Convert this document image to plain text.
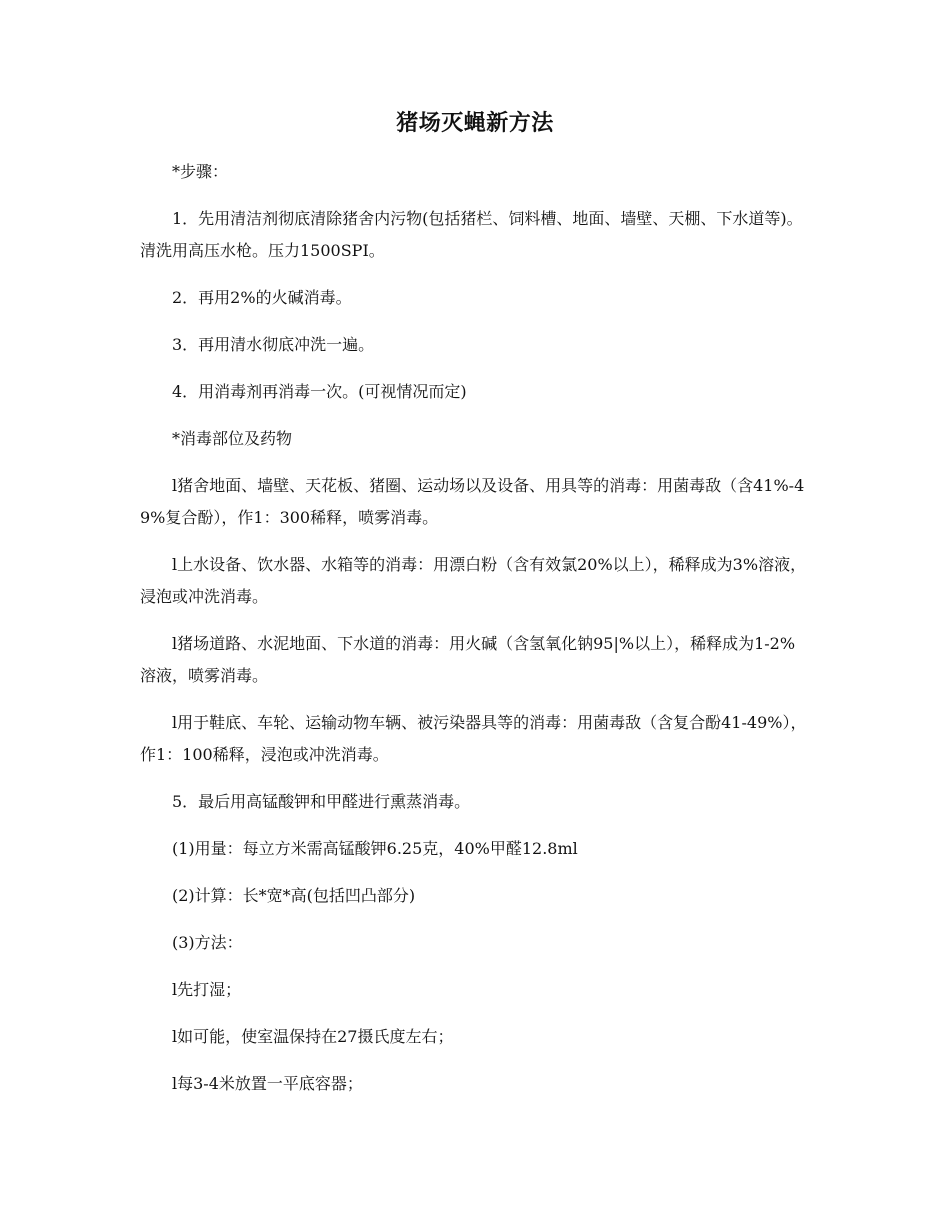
猪场灭蝇新方法

*步骤：

1．先用清洁剂彻底清除猪舍内污物(包括猪栏、饲料槽、地面、墙壁、天棚、下水道等)。清洗用高压水枪。压力1500SPI。

2．再用2%的火碱消毒。

3．再用清水彻底冲洗一遍。

4．用消毒剂再消毒一次。(可视情况而定)

*消毒部位及药物

l猪舍地面、墙壁、天花板、猪圈、运动场以及设备、用具等的消毒：用菌毒敌（含41%-49%复合酚），作1：300稀释，喷雾消毒。

l上水设备、饮水器、水箱等的消毒：用漂白粉（含有效氯20%以上），稀释成为3%溶液，浸泡或冲洗消毒。

l猪场道路、水泥地面、下水道的消毒：用火碱（含氢氧化钠95|%以上），稀释成为1-2%溶液，喷雾消毒。

l用于鞋底、车轮、运输动物车辆、被污染器具等的消毒：用菌毒敌（含复合酚41-49%），作1：100稀释，浸泡或冲洗消毒。

5．最后用高锰酸钾和甲醛进行熏蒸消毒。

(1)用量：每立方米需高锰酸钾6.25克，40%甲醛12.8ml

(2)计算：长*宽*高(包括凹凸部分)

(3)方法：

l先打湿；

l如可能，使室温保持在27摄氏度左右；

l每3-4米放置一平底容器；
